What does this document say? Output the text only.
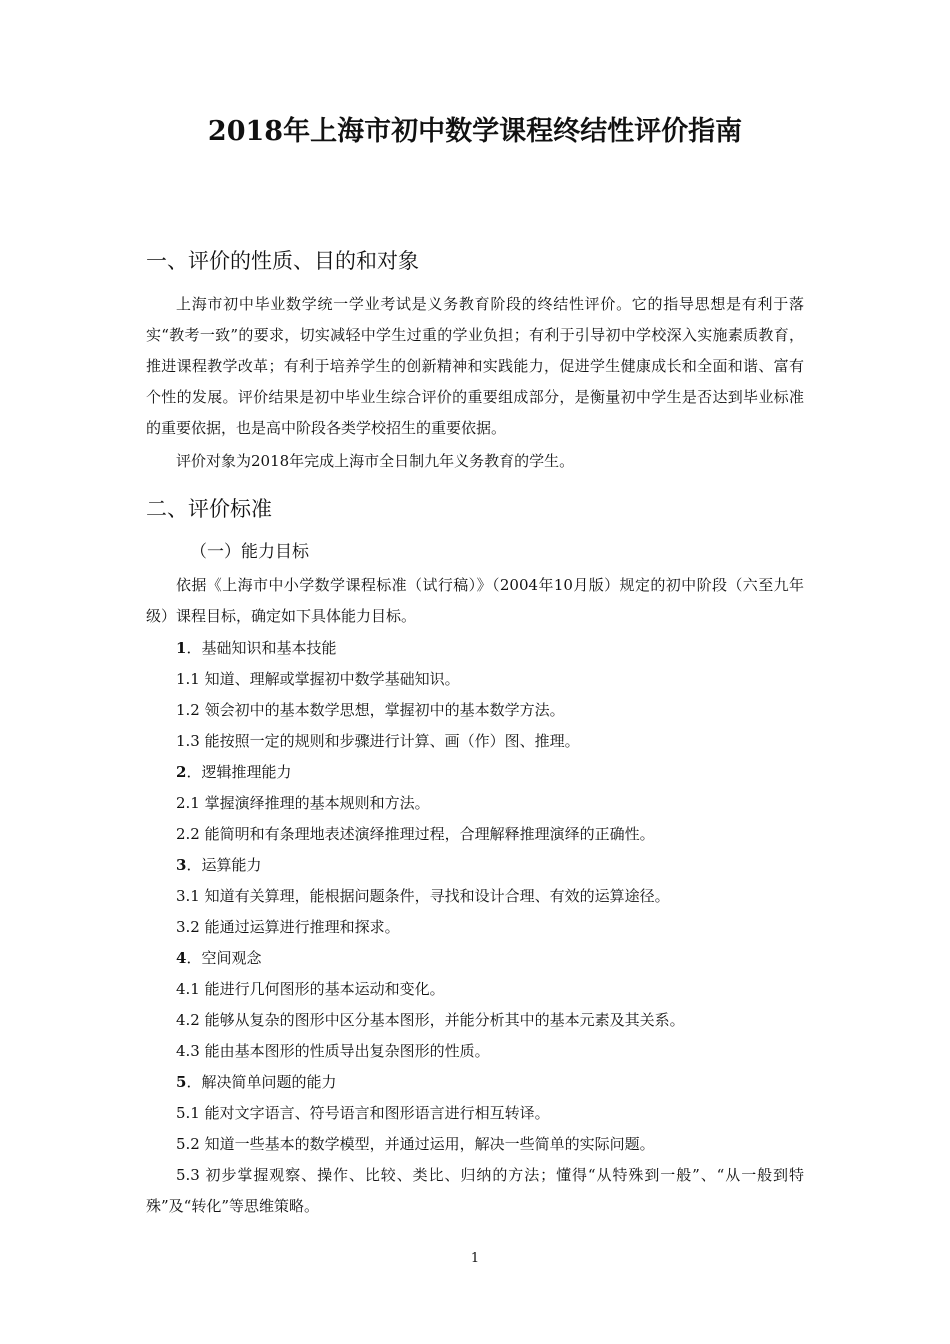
2018年上海市初中数学课程终结性评价指南
一、评价的性质、目的和对象

上海市初中毕业数学统一学业考试是义务教育阶段的终结性评价。它的指导思想是有利于落实“教考一致”的要求，切实减轻中学生过重的学业负担；有利于引导初中学校深入实施素质教育，推进课程教学改革；有利于培养学生的创新精神和实践能力，促进学生健康成长和全面和谐、富有个性的发展。评价结果是初中毕业生综合评价的重要组成部分，是衡量初中学生是否达到毕业标准的重要依据，也是高中阶段各类学校招生的重要依据。

评价对象为2018年完成上海市全日制九年义务教育的学生。

二、评价标准
（一）能力目标

依据《上海市中小学数学课程标准（试行稿）》（2004年10月版）规定的初中阶段（六至九年级）课程目标，确定如下具体能力目标。

1．基础知识和基本技能
1.1 知道、理解或掌握初中数学基础知识。
1.2 领会初中的基本数学思想，掌握初中的基本数学方法。
1.3 能按照一定的规则和步骤进行计算、画（作）图、推理。
2．逻辑推理能力
2.1 掌握演绎推理的基本规则和方法。
2.2 能简明和有条理地表述演绎推理过程，合理解释推理演绎的正确性。
3．运算能力
3.1 知道有关算理，能根据问题条件，寻找和设计合理、有效的运算途径。
3.2 能通过运算进行推理和探求。
4．空间观念
4.1 能进行几何图形的基本运动和变化。
4.2 能够从复杂的图形中区分基本图形，并能分析其中的基本元素及其关系。
4.3 能由基本图形的性质导出复杂图形的性质。
5．解决简单问题的能力
5.1 能对文字语言、符号语言和图形语言进行相互转译。
5.2 知道一些基本的数学模型，并通过运用，解决一些简单的实际问题。

5.3 初步掌握观察、操作、比较、类比、归纳的方法；懂得“从特殊到一般”、“从一般到特殊”及“转化”等思维策略。

1
